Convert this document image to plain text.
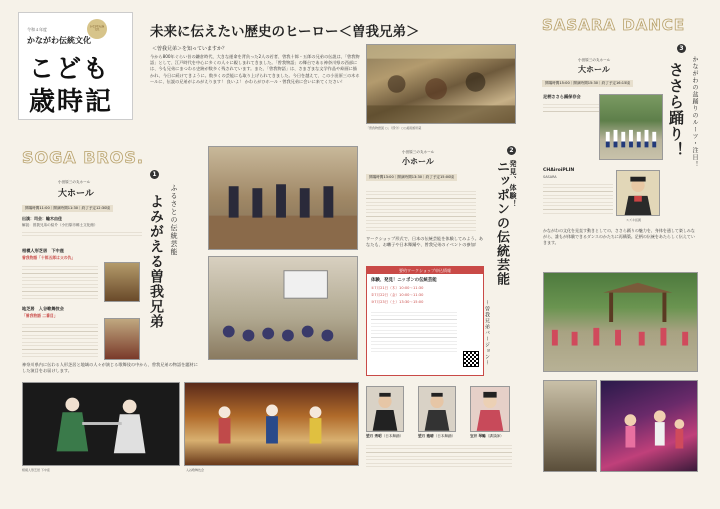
令和４年度
かながわ伝統文化
かながわ伝統文化
こども
歳時記
未来に伝えたい歴史のヒーロー＜曽我兄弟＞
＜曽我兄弟＞を知っていますか？
今から800年ぐらい昔の鎌倉時代、大きな運命を背負った2人の若者、曽我十郎・五郎の兄弟の伝説は、「曽我物語」として、江戸時代を中心に多くの人々に親しまれてきました。「曽我物語」の舞台である神奈川県の西部には、今も兄弟にまつわる史跡が数多く残されています。また、「曽我物語」は、さまざまな文学作品や絵画に描かれ、今日に続けてきように。数多くの芸能にも取り上げられてきました。今日を越えて、この小田原三の木ホールに、伝説の兄弟がよみがえります！ 良いよ！ かわらがひホール・曽我兄弟に会いに来てください！
「曽我物語図 ○」（部分）○○美術館所蔵
SASARA DANCE
3
小田原三の丸ホール
大ホール	かながわの盆踊りのルーツ・注目！
ささら踊り！
開場時間15:00｜開演時間15:30｜終了予定16:15頃
足柄ささら踊保存会
CHAiroiPLIN
SASARA
スズキ拓朗
かながわの文化を見直す動きとしての、ささら踊りの魅力を、身体を通して楽しみながら、誰もが体験できるダンスのかたちに再構築。足柄の伝統をあたらしく伝えていきます。
SOGA BROS.
1
小田原三の丸ホール
大ホール
開場時間11:00｜開演時間11:30｜終了予定12:30頃	ふるさとの伝統芸能
よみがえる曽我兄弟
出演：司会：輪木由佳
解説：曽我兄弟の紹介（小田原市郷土文化館）
相模人形芝居　下中座
曽我物語「十郎五郎は父の仇」
地芝居　入谷歌舞伎会
「曽我物語 二番目」
神奈川県内に伝わる人形芝居と地域の人々が演じる歌舞伎の中から、曽我兄弟の物語を題材にした演目をお届けします。
相模人形芝居 下中座	入谷歌舞伎会
2
小田原三の丸ホール
小ホール
開場時間13:00｜開演時間13:30｜終了予定15:00頃	発見、体験！
ニッポンの伝統芸能
〜曽我兄弟バージョン〜
ワークショップ形式で、日本の伝統芸能を体験してみよう。あなたも、お囃子や日本舞踊や、曽我兄弟のイベントの参加！
要約ワークショップ申込情報
体験、発見！ニッポンの伝統芸能
①7月21日（木）10:00〜11:30
②7月22日（金）10:00〜11:30
③7月23日（土）13:30〜15:00
望月 秀明（日本舞踊）	望月 雅晴（日本舞踊）	宝井 琴鶴（講談師）
